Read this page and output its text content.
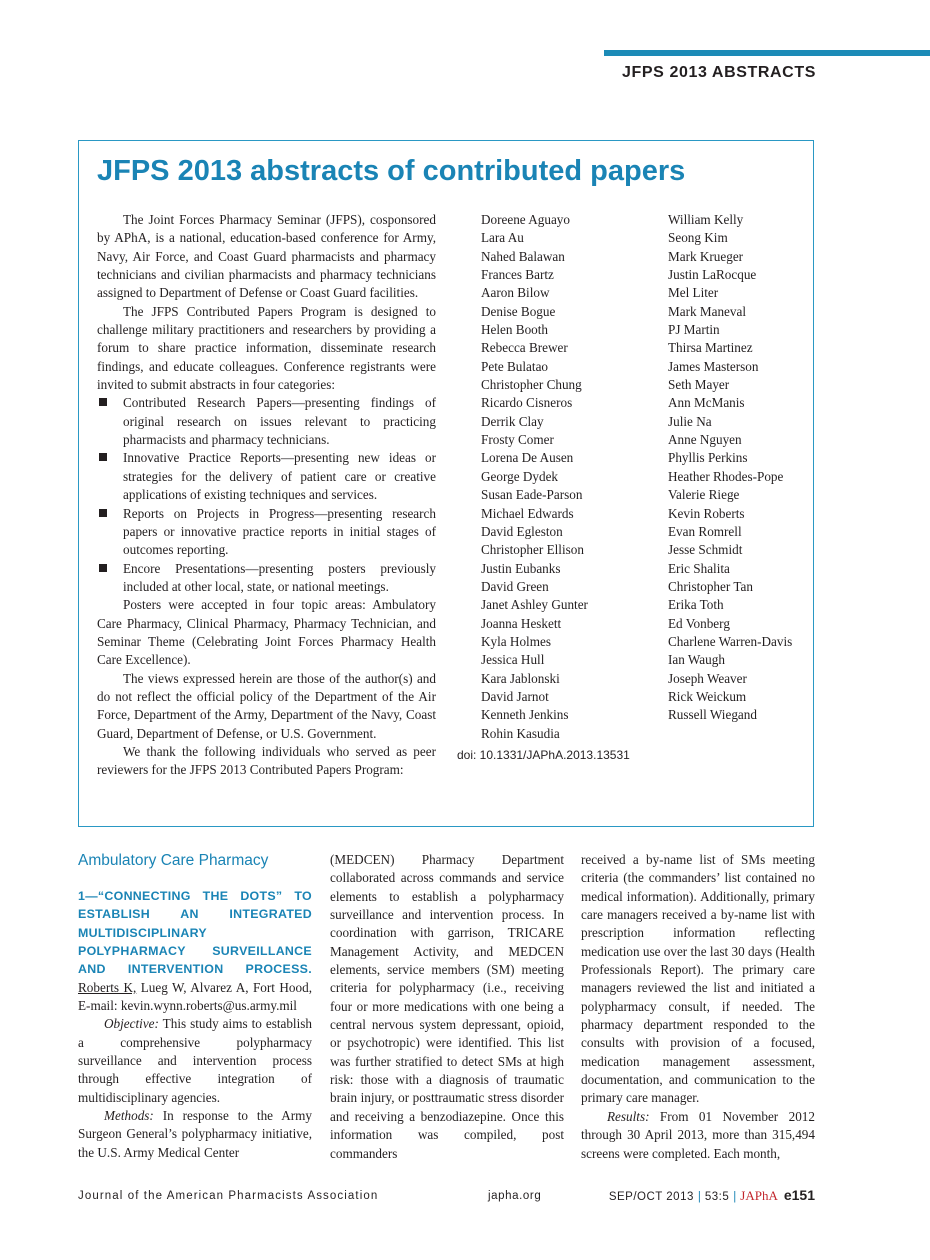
JFPS 2013 ABSTRACTS
JFPS 2013 abstracts of contributed papers

The Joint Forces Pharmacy Seminar (JFPS), cosponsored by APhA, is a national, education-based conference for Army, Navy, Air Force, and Coast Guard pharmacists and pharmacy technicians and civilian pharmacists and pharmacy technicians assigned to Department of Defense or Coast Guard facilities.

The JFPS Contributed Papers Program is designed to challenge military practitioners and researchers by providing a forum to share practice information, disseminate research findings, and educate colleagues. Conference registrants were invited to submit abstracts in four categories:

Contributed Research Papers—presenting findings of original research on issues relevant to practicing pharmacists and pharmacy technicians.
Innovative Practice Reports—presenting new ideas or strategies for the delivery of patient care or creative applications of existing techniques and services.
Reports on Projects in Progress—presenting research papers or innovative practice reports in initial stages of outcomes reporting.
Encore Presentations—presenting posters previously included at other local, state, or national meetings.

Posters were accepted in four topic areas: Ambulatory Care Pharmacy, Clinical Pharmacy, Pharmacy Technician, and Seminar Theme (Celebrating Joint Forces Pharmacy Health Care Excellence).

The views expressed herein are those of the author(s) and do not reflect the official policy of the Department of the Air Force, Department of the Army, Department of the Navy, Coast Guard, Department of Defense, or U.S. Government.

We thank the following individuals who served as peer reviewers for the JFPS 2013 Contributed Papers Program:

Doreene Aguayo
Lara Au
Nahed Balawan
Frances Bartz
Aaron Bilow
Denise Bogue
Helen Booth
Rebecca Brewer
Pete Bulatao
Christopher Chung
Ricardo Cisneros
Derrik Clay
Frosty Comer
Lorena De Ausen
George Dydek
Susan Eade-Parson
Michael Edwards
David Egleston
Christopher Ellison
Justin Eubanks
David Green
Janet Ashley Gunter
Joanna Heskett
Kyla Holmes
Jessica Hull
Kara Jablonski
David Jarnot
Kenneth Jenkins
Rohin Kasudia
William Kelly
Seong Kim
Mark Krueger
Justin LaRocque
Mel Liter
Mark Maneval
PJ Martin
Thirsa Martinez
James Masterson
Seth Mayer
Ann McManis
Julie Na
Anne Nguyen
Phyllis Perkins
Heather Rhodes-Pope
Valerie Riege
Kevin Roberts
Evan Romrell
Jesse Schmidt
Eric Shalita
Christopher Tan
Erika Toth
Ed Vonberg
Charlene Warren-Davis
Ian Waugh
Joseph Weaver
Rick Weickum
Russell Wiegand
doi: 10.1331/JAPhA.2013.13531
Ambulatory Care Pharmacy

1—“CONNECTING THE DOTS” TO ESTABLISH AN INTEGRATED MULTIDISCIPLINARY POLYPHARMACY SURVEILLANCE AND INTERVENTION PROCESS. Roberts K, Lueg W, Alvarez A, Fort Hood, E-mail: kevin.wynn.roberts@us.army.mil

Objective: This study aims to establish a comprehensive polypharmacy surveillance and intervention process through effective integration of multidisciplinary agencies.

Methods: In response to the Army Surgeon General’s polypharmacy initiative, the U.S. Army Medical Center

(MEDCEN) Pharmacy Department collaborated across commands and service elements to establish a polypharmacy surveillance and intervention process. In coordination with garrison, TRICARE Management Activity, and MEDCEN elements, service members (SM) meeting criteria for polypharmacy (i.e., receiving four or more medications with one being a central nervous system depressant, opioid, or psychotropic) were identified. This list was further stratified to detect SMs at high risk: those with a diagnosis of traumatic brain injury, or posttraumatic stress disorder and receiving a benzodiazepine. Once this information was compiled, post commanders

received a by-name list of SMs meeting criteria (the commanders’ list contained no medical information). Additionally, primary care managers received a by-name list with prescription information reflecting medication use over the last 30 days (Health Professionals Report). The primary care managers reviewed the list and initiated a polypharmacy consult, if needed. The pharmacy department responded to the consults with provision of a focused, medication management assessment, documentation, and communication to the primary care manager.

Results: From 01 November 2012 through 30 April 2013, more than 315,494 screens were completed. Each month,

Journal of the American Pharmacists Association	japha.org	SEP/OCT 2013 | 53:5 | JAPhA e151
